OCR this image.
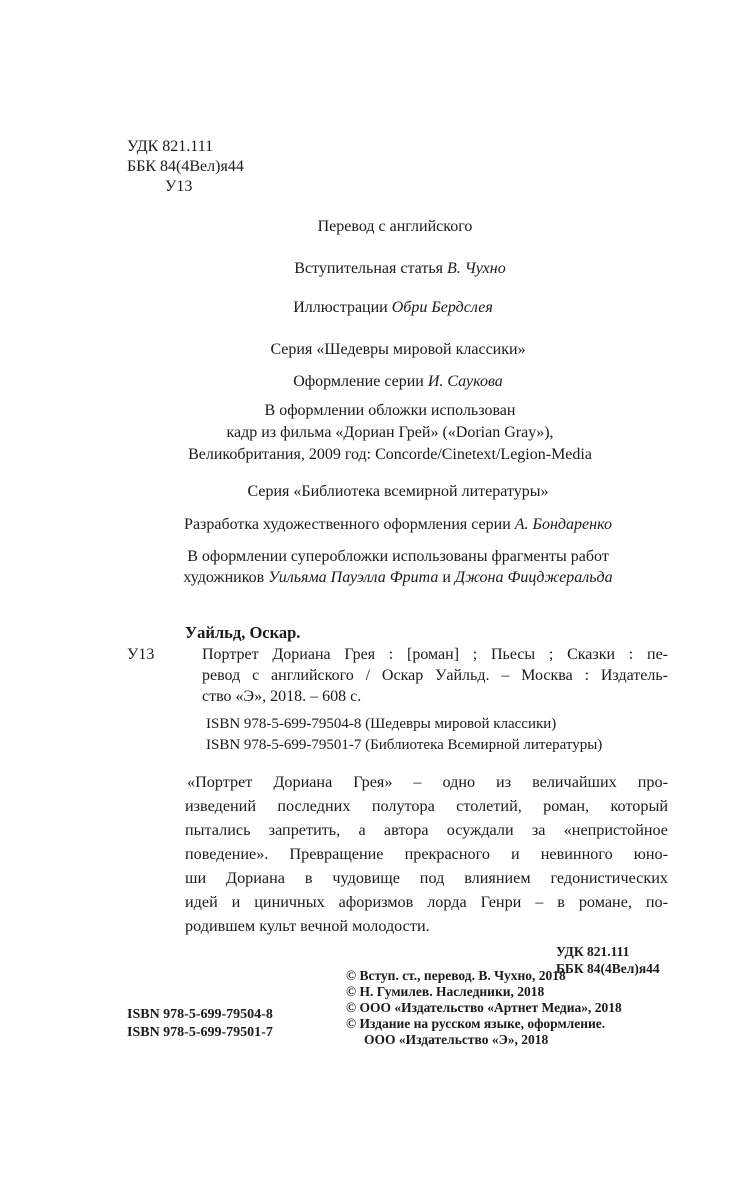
УДК 821.111
ББК 84(4Вел)я44
У13
Перевод с английского
Вступительная статья В. Чухно
Иллюстрации Обри Бердслея
Серия «Шедевры мировой классики»
Оформление серии И. Саукова
В оформлении обложки использован
кадр из фильма «Дориан Грей» («Dorian Gray»),
Великобритания, 2009 год: Concorde/Cinetext/Legion-Media
Серия «Библиотека всемирной литературы»
Разработка художественного оформления серии А. Бондаренко
В оформлении суперобложки использованы фрагменты работ
художников Уильяма Пауэлла Фрита и Джона Фицджеральда
Уайльд, Оскар.
У13	Портрет Дориана Грея : [роман] ; Пьесы ; Сказки : пе-
ревод с английского / Оскар Уайльд. – Москва : Издатель-
ство «Э», 2018. – 608 с.
ISBN 978-5-699-79504-8 (Шедевры мировой классики)
ISBN 978-5-699-79501-7 (Библиотека Всемирной литературы)
«Портрет Дориана Грея» – одно из величайших про-
изведений последних полутора столетий, роман, который
пытались запретить, а автора осуждали за «непристойное
поведение». Превращение прекрасного и невинного юно-
ши Дориана в чудовище под влиянием гедонистических
идей и циничных афоризмов лорда Генри – в романе, по-
родившем культ вечной молодости.
УДК 821.111
ББК 84(4Вел)я44
ISBN 978-5-699-79504-8
ISBN 978-5-699-79501-7
© Вступ. ст., перевод. В. Чухно, 2018
© Н. Гумилев. Наследники, 2018
© ООО «Издательство «Артнет Медиа», 2018
© Издание на русском языке, оформление.
ООО «Издательство «Э», 2018
